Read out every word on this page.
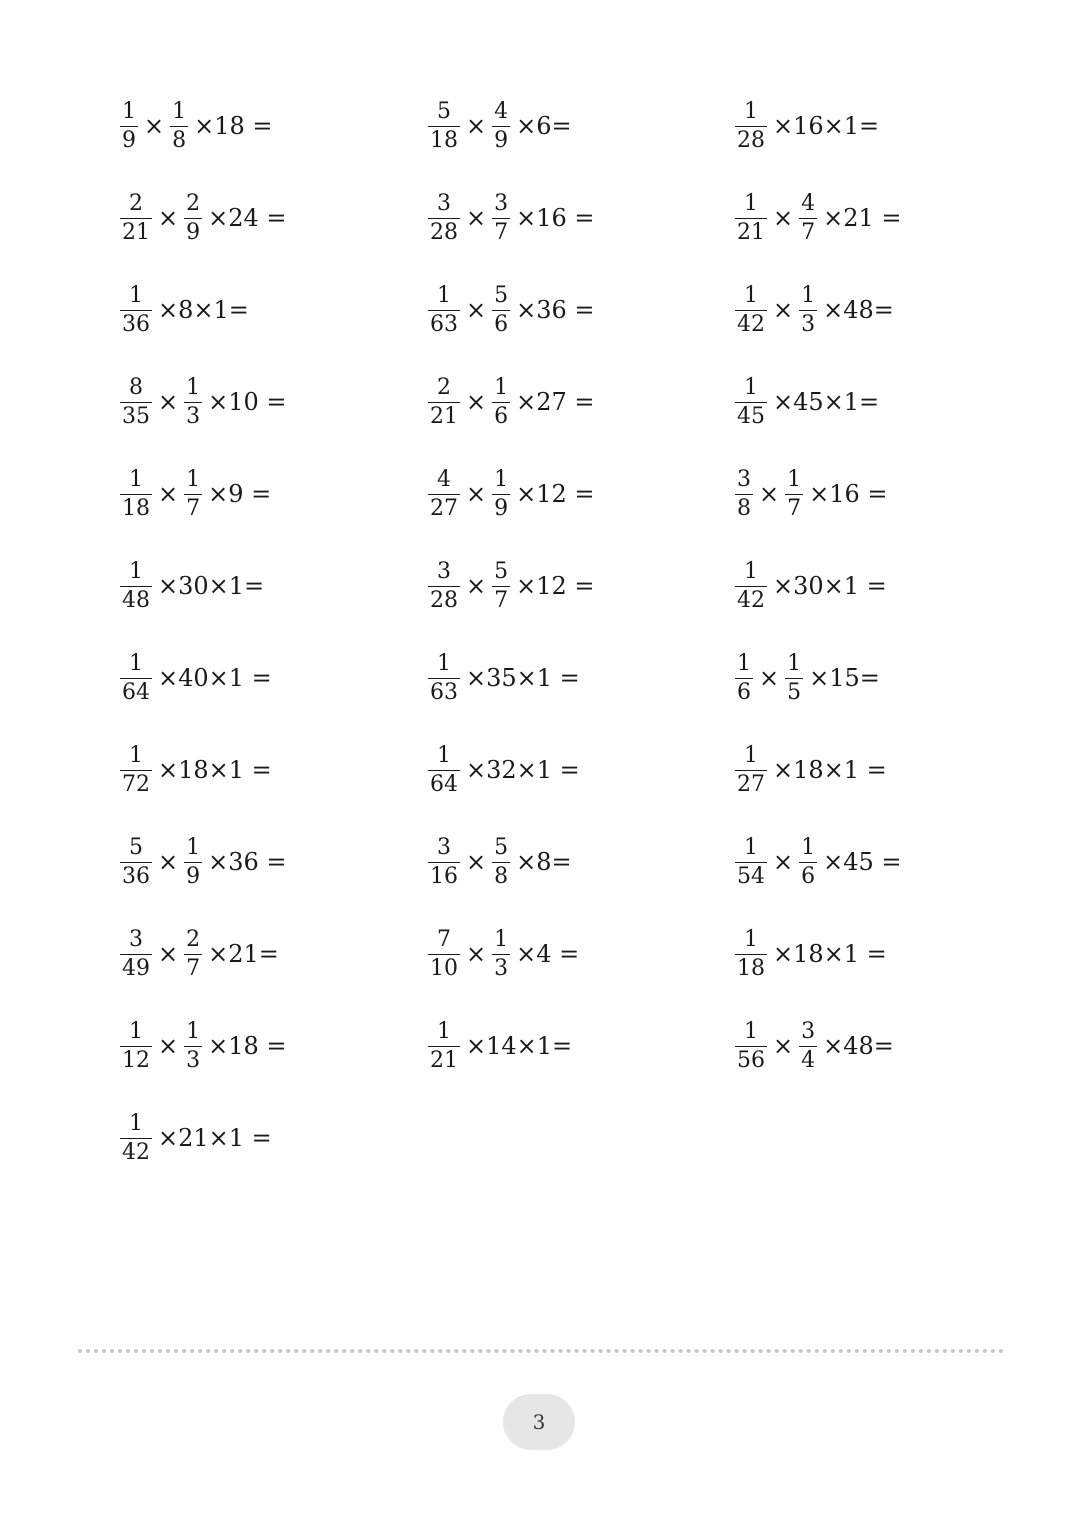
$\frac{1}{9} \times \frac{1}{8} \times 18$ =	$\frac{5}{18} \times \frac{4}{9} \times 6=$	$\frac{1}{28} \times 16\times 1=$
$\frac{2}{21} \times \frac{2}{9} \times 24$ =	$\frac{3}{28} \times \frac{3}{7} \times 16$ =	$\frac{1}{21} \times \frac{4}{7} \times 21$ =
$\frac{1}{36} \times 8\times 1=$	$\frac{1}{63} \times \frac{5}{6} \times 36$ =	$\frac{1}{42} \times \frac{1}{3} \times 48=$
$\frac{8}{35} \times \frac{1}{3} \times 10$ =	$\frac{2}{21} \times \frac{1}{6} \times 27$ =	$\frac{1}{45} \times 45\times 1=$
$\frac{1}{18} \times \frac{1}{7} \times 9$ =	$\frac{4}{27} \times \frac{1}{9} \times 12$ =	$\frac{3}{8} \times \frac{1}{7} \times 16$ =
$\frac{1}{48} \times 30\times 1=$	$\frac{3}{28} \times \frac{5}{7} \times 12$ =	$\frac{1}{42} \times 30\times 1$ =
$\frac{1}{64} \times 40\times 1$ =	$\frac{1}{63} \times 35\times 1$ =	$\frac{1}{6} \times \frac{1}{5} \times 15=$
$\frac{1}{72} \times 18\times 1$ =	$\frac{1}{64} \times 32\times 1$ =	$\frac{1}{27} \times 18\times 1$ =
$\frac{5}{36} \times \frac{1}{9} \times 36$ =	$\frac{3}{16} \times \frac{5}{8} \times 8=$	$\frac{1}{54} \times \frac{1}{6} \times 45$ =
$\frac{3}{49} \times \frac{2}{7} \times 21=$	$\frac{7}{10} \times \frac{1}{3} \times 4$ =	$\frac{1}{18} \times 18\times 1$ =
$\frac{1}{12} \times \frac{1}{3} \times 18$ =	$\frac{1}{21} \times 14\times 1=$	$\frac{1}{56} \times \frac{3}{4} \times 48=$
$\frac{1}{42} \times 21\times 1$ =
3
